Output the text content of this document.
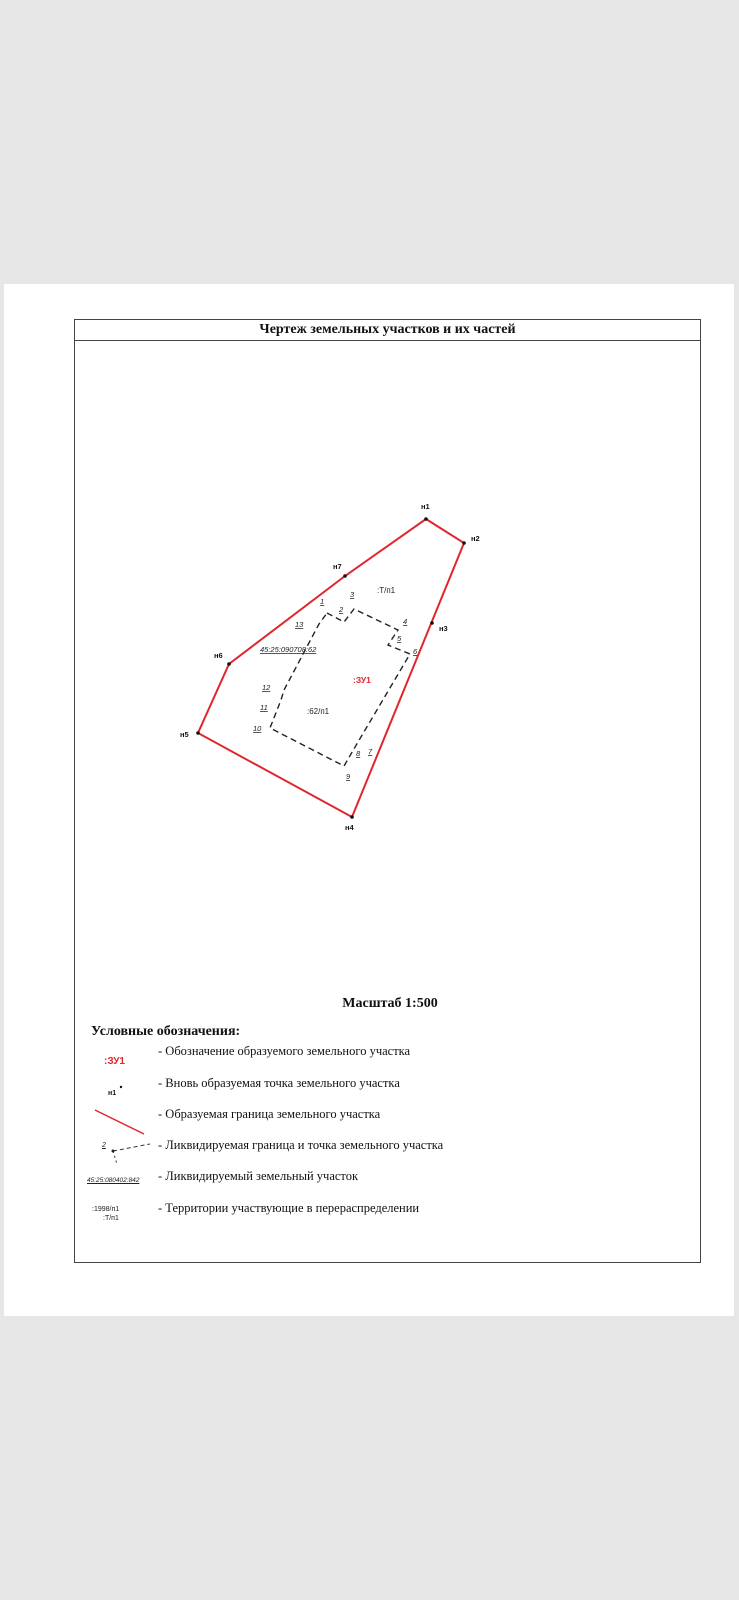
Чертеж земельных участков и их частей
н1
н2
н3
н4
н5
н6
н7
1
2
3
4
5
6
7
8
9
10
11
12
13
45:25:090708:62
:ЗУ1
:Т/п1
:62/п1
Масштаб 1:500
Условные обозначения:
:ЗУ1
- Обозначение образуемого земельного участка
н1
- Вновь образуемая точка земельного участка
- Образуемая граница земельного участка
2	- Ликвидируемая граница и точка земельного участка
45:25:080402:842 - Ликвидируемый земельный участок
:1998/п1
:Т/п1
- Территории участвующие в перераспределении
